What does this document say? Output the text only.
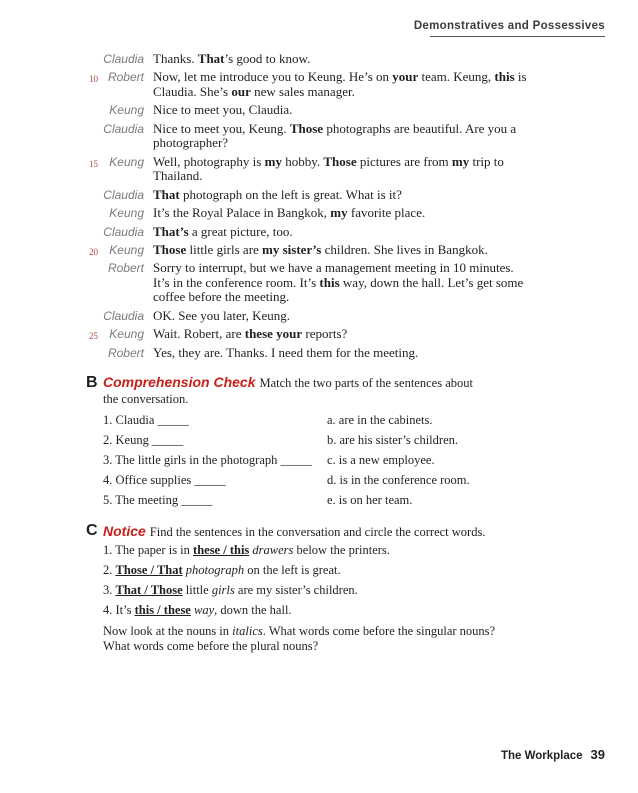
Demonstratives and Possessives
Claudia Thanks. That’s good to know.
10 Robert Now, let me introduce you to Keung. He’s on your team. Keung, this is Claudia. She’s our new sales manager.
Keung Nice to meet you, Claudia.
Claudia Nice to meet you, Keung. Those photographs are beautiful. Are you a photographer?
15 Keung Well, photography is my hobby. Those pictures are from my trip to Thailand.
Claudia That photograph on the left is great. What is it?
Keung It’s the Royal Palace in Bangkok, my favorite place.
Claudia That’s a great picture, too.
20 Keung Those little girls are my sister’s children. She lives in Bangkok.
Robert Sorry to interrupt, but we have a management meeting in 10 minutes. It’s in the conference room. It’s this way, down the hall. Let’s get some coffee before the meeting.
Claudia OK. See you later, Keung.
25 Keung Wait. Robert, are these your reports?
Robert Yes, they are. Thanks. I need them for the meeting.
B Comprehension Check Match the two parts of the sentences about the conversation.
1. Claudia _____	a. are in the cabinets.
2. Keung _____	b. are his sister’s children.
3. The little girls in the photograph _____ c. is a new employee.
4. Office supplies _____	d. is in the conference room.
5. The meeting _____	e. is on her team.
C Notice Find the sentences in the conversation and circle the correct words.
1. The paper is in these / this drawers below the printers.
2. Those / That photograph on the left is great.
3. That / Those little girls are my sister’s children.
4. It’s this / these way, down the hall.
Now look at the nouns in italics. What words come before the singular nouns? What words come before the plural nouns?
The Workplace 39
